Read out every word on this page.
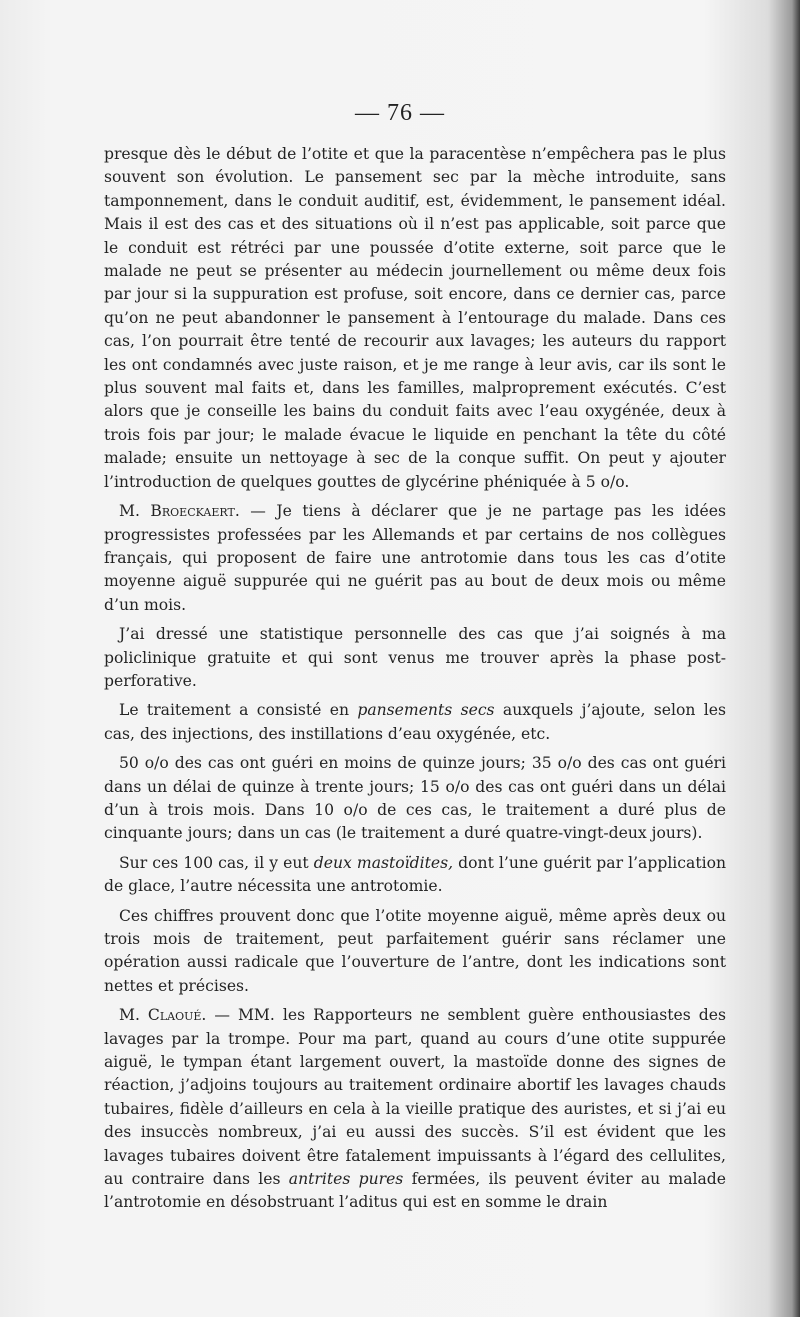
— 76 —

presque dès le début de l’otite et que la paracentèse n’empêchera pas le plus souvent son évolution. Le pansement sec par la mèche introduite, sans tamponnement, dans le conduit auditif, est, évidemment, le pansement idéal. Mais il est des cas et des situations où il n’est pas applicable, soit parce que le conduit est rétréci par une poussée d’otite externe, soit parce que le malade ne peut se présenter au médecin journellement ou même deux fois par jour si la suppuration est profuse, soit encore, dans ce dernier cas, parce qu’on ne peut abandonner le pansement à l’entourage du malade. Dans ces cas, l’on pourrait être tenté de recourir aux lavages; les auteurs du rapport les ont condamnés avec juste raison, et je me range à leur avis, car ils sont le plus souvent mal faits et, dans les familles, malproprement exécutés. C’est alors que je conseille les bains du conduit faits avec l’eau oxygénée, deux à trois fois par jour; le malade évacue le liquide en penchant la tête du côté malade; ensuite un nettoyage à sec de la conque suffit. On peut y ajouter l’introduction de quelques gouttes de glycérine phéniquée à 5 o/o.

M. Broeckaert. — Je tiens à déclarer que je ne partage pas les idées progressistes professées par les Allemands et par certains de nos collègues français, qui proposent de faire une antrotomie dans tous les cas d’otite moyenne aiguë suppurée qui ne guérit pas au bout de deux mois ou même d’un mois.

J’ai dressé une statistique personnelle des cas que j’ai soignés à ma policlinique gratuite et qui sont venus me trouver après la phase post-perforative.

Le traitement a consisté en pansements secs auxquels j’ajoute, selon les cas, des injections, des instillations d’eau oxygénée, etc.

50 o/o des cas ont guéri en moins de quinze jours; 35 o/o des cas ont guéri dans un délai de quinze à trente jours; 15 o/o des cas ont guéri dans un délai d’un à trois mois. Dans 10 o/o de ces cas, le traitement a duré plus de cinquante jours; dans un cas (le traitement a duré quatre-vingt-deux jours).

Sur ces 100 cas, il y eut deux mastoïdites, dont l’une guérit par l’application de glace, l’autre nécessita une antrotomie.

Ces chiffres prouvent donc que l’otite moyenne aiguë, même après deux ou trois mois de traitement, peut parfaitement guérir sans réclamer une opération aussi radicale que l’ouverture de l’antre, dont les indications sont nettes et précises.

M. Claoué. — MM. les Rapporteurs ne semblent guère enthousiastes des lavages par la trompe. Pour ma part, quand au cours d’une otite suppurée aiguë, le tympan étant largement ouvert, la mastoïde donne des signes de réaction, j’adjoins toujours au traitement ordinaire abortif les lavages chauds tubaires, fidèle d’ailleurs en cela à la vieille pratique des auristes, et si j’ai eu des insuccès nombreux, j’ai eu aussi des succès. S’il est évident que les lavages tubaires doivent être fatalement impuissants à l’égard des cellulites, au contraire dans les antrites pures fermées, ils peuvent éviter au malade l’antrotomie en désobstruant l’aditus qui est en somme le drain
